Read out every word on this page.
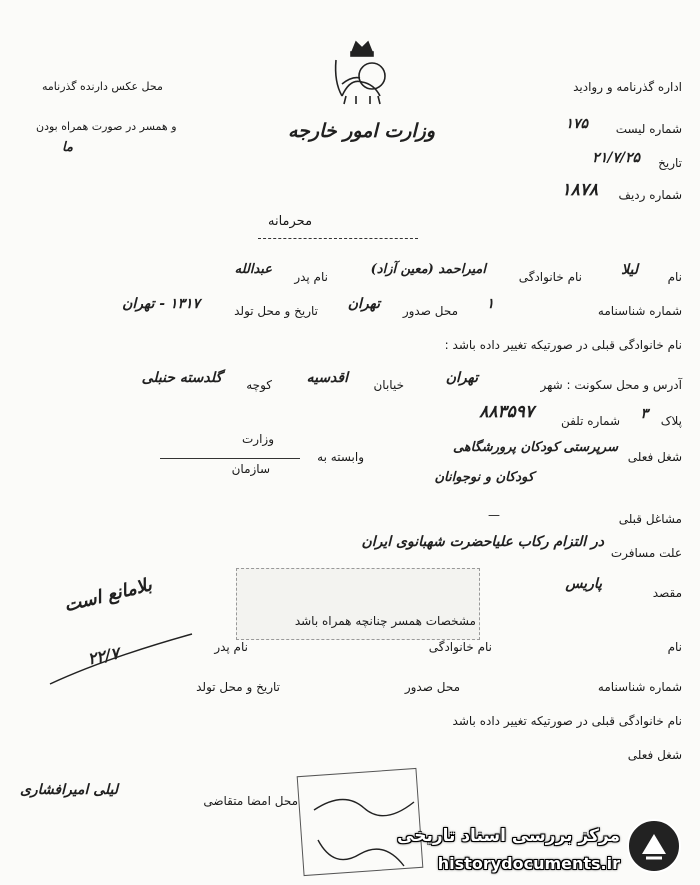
محل عکس دارنده گذرنامه
و همسر در صورت همراه بودن
ما
وزارت امور خارجه
اداره گذرنامه و روادید
شماره لیست
۱۷۵
تاریخ
۲۱/۷/۲۵
شماره ردیف
۱۸۷۸
محرمانه
نام
لیلا
نام خانوادگی
امیراحمد (معین آزاد)
نام پدر
عبدالله
شماره شناسنامه
۱
محل صدور
تهران
تاریخ و محل تولد
۱۳۱۷ - تهران
نام خانوادگی قبلی در صورتیکه تغییر داده باشد :
آدرس و محل سکونت : شهر
تهران
خیابان
اقدسیه
کوچه
گلدسته حنبلی
پلاک
۳
شماره تلفن
۸۸۳۵۹۷
شغل فعلی
سرپرستی کودکان پرورشگاهی
کودکان و نوجوانان
وابسته به
وزارت
سازمان
مشاغل قبلی
—
علت مسافرت
در التزام رکاب علیاحضرت شهبانوی ایران
مقصد
پاریس
مشخصات همسر چنانچه همراه باشد
بلامانع است
۲۲/۷	نام
نام خانوادگی
نام پدر
شماره شناسنامه
محل صدور
تاریخ و محل تولد
نام خانوادگی قبلی در صورتیکه تغییر داده باشد
شغل فعلی
محل امضا متقاضی
لیلی امیرافشاری
مرکز بررسی اسناد تاریخی
historydocuments.ir
